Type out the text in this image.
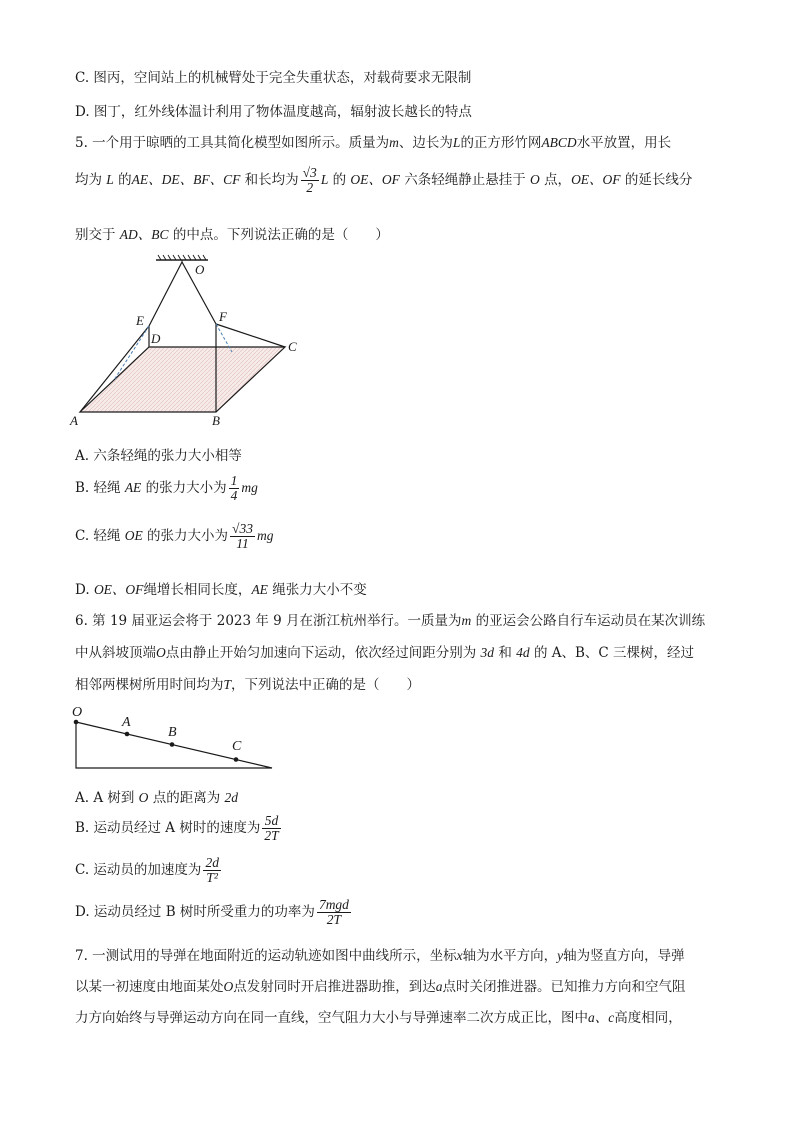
C. 图丙，空间站上的机械臂处于完全失重状态，对载荷要求无限制
D. 图丁，红外线体温计利用了物体温度越高，辐射波长越长的特点
5. 一个用于晾晒的工具其简化模型如图所示。质量为m、边长为L的正方形竹网ABCD水平放置，用长
均为 L 的AE、DE、BF、CF 和长均为 $\frac{√3}{2}$ L 的 OE、OF 六条轻绳静止悬挂于 O 点，OE、OF 的延长线分
别交于 AD、BC 的中点。下列说法正确的是（　　）
O
E	F
D
C
A	B
A. 六条轻绳的张力大小相等
B. 轻绳 AE 的张力大小为 $\frac{1}{4}$ mg
C. 轻绳 OE 的张力大小为 $\frac{√33}{11}$ mg
D. OE、OF绳增长相同长度，AE 绳张力大小不变
6. 第 19 届亚运会将于 2023 年 9 月在浙江杭州举行。一质量为m 的亚运会公路自行车运动员在某次训练
中从斜坡顶端O点由静止开始匀加速向下运动，依次经过间距分别为 3d 和 4d 的 A、B、C 三棵树，经过
相邻两棵树所用时间均为T，下列说法中正确的是（　　）
O
A
B
C
A. A 树到 O 点的距离为 2d
B. 运动员经过 A 树时的速度为 $\frac{5d}{2T}$
C. 运动员的加速度为 $\frac{2d}{\text{T²}}$
D. 运动员经过 B 树时所受重力的功率为 $\frac{\text{7mgd}}{2T}$
7. 一测试用的导弹在地面附近的运动轨迹如图中曲线所示，坐标x轴为水平方向，y轴为竖直方向，导弹
以某一初速度由地面某处O点发射同时开启推进器助推，到达a点时关闭推进器。已知推力方向和空气阻
力方向始终与导弹运动方向在同一直线，空气阻力大小与导弹速率二次方成正比，图中a、c高度相同，
